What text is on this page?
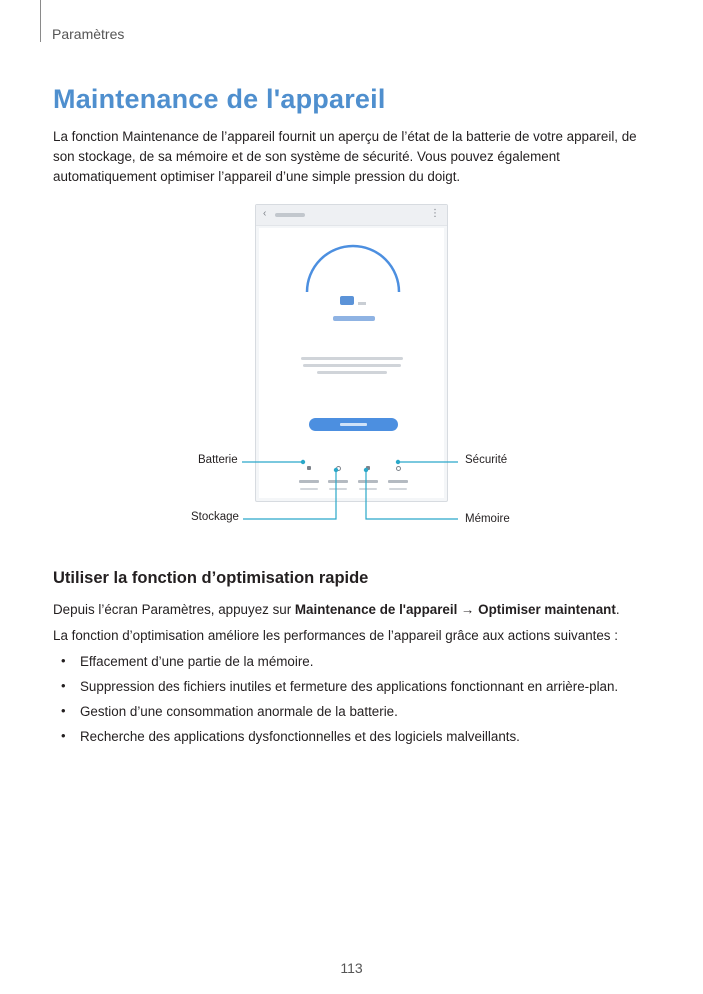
Paramètres
Maintenance de l'appareil

La fonction Maintenance de l’appareil fournit un aperçu de l’état de la batterie de votre appareil, de son stockage, de sa mémoire et de son système de sécurité. Vous pouvez également automatiquement optimiser l’appareil d’une simple pression du doigt.

‹	⋮
Batterie
Stockage
Sécurité
Mémoire
Utiliser la fonction d’optimisation rapide

Depuis l’écran Paramètres, appuyez sur Maintenance de l'appareil → Optimiser maintenant.

La fonction d’optimisation améliore les performances de l’appareil grâce aux actions suivantes :

• Effacement d’une partie de la mémoire.
• Suppression des fichiers inutiles et fermeture des applications fonctionnant en arrière-plan.
• Gestion d’une consommation anormale de la batterie.
• Recherche des applications dysfonctionnelles et des logiciels malveillants.
113
